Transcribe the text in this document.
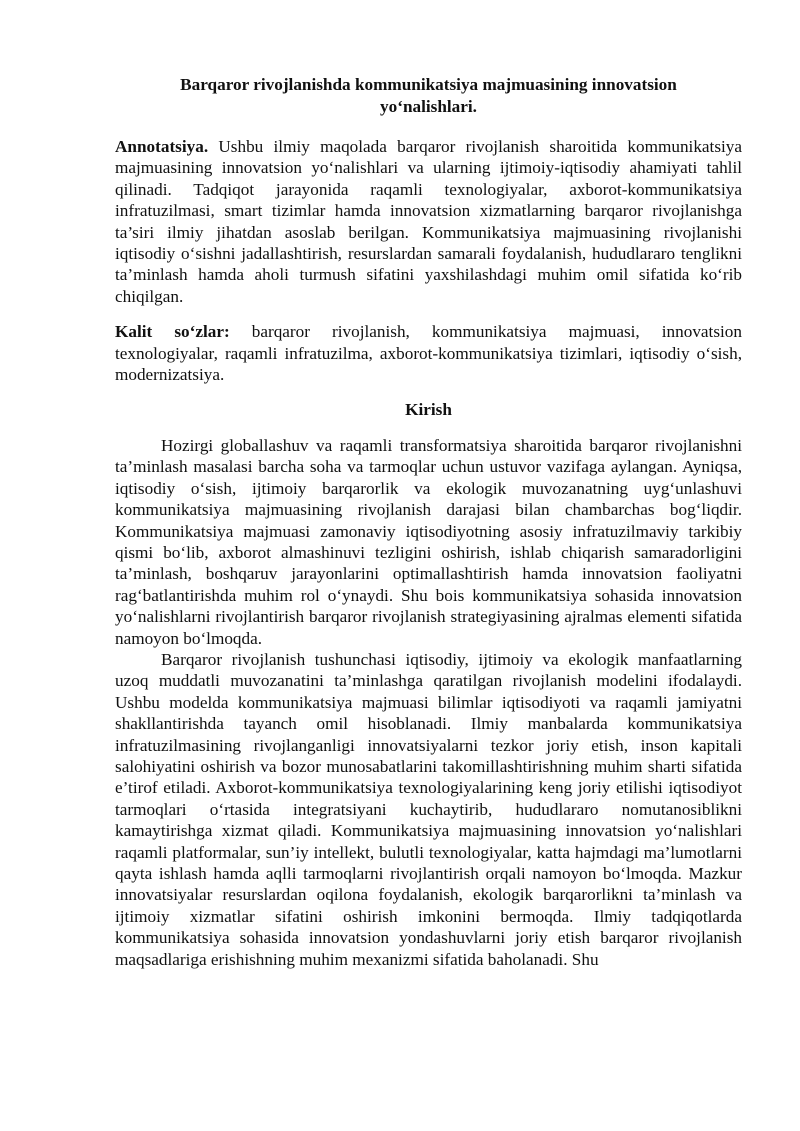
Barqaror rivojlanishda kommunikatsiya majmuasining innovatsion
yo‘nalishlari.

Annotatsiya. Ushbu ilmiy maqolada barqaror rivojlanish sharoitida kommunikatsiya majmuasining innovatsion yo‘nalishlari va ularning ijtimoiy-iqtisodiy ahamiyati tahlil qilinadi. Tadqiqot jarayonida raqamli texnologiyalar, axborot-kommunikatsiya infratuzilmasi, smart tizimlar hamda innovatsion xizmatlarning barqaror rivojlanishga ta’siri ilmiy jihatdan asoslab berilgan. Kommunikatsiya majmuasining rivojlanishi iqtisodiy o‘sishni jadallashtirish, resurslardan samarali foydalanish, hududlararo tenglikni ta’minlash hamda aholi turmush sifatini yaxshilashdagi muhim omil sifatida ko‘rib chiqilgan.

Kalit so‘zlar: barqaror rivojlanish, kommunikatsiya majmuasi, innovatsion texnologiyalar, raqamli infratuzilma, axborot-kommunikatsiya tizimlari, iqtisodiy o‘sish, modernizatsiya.

Kirish

Hozirgi globallashuv va raqamli transformatsiya sharoitida barqaror rivojlanishni ta’minlash masalasi barcha soha va tarmoqlar uchun ustuvor vazifaga aylangan. Ayniqsa, iqtisodiy o‘sish, ijtimoiy barqarorlik va ekologik muvozanatning uyg‘unlashuvi kommunikatsiya majmuasining rivojlanish darajasi bilan chambarchas bog‘liqdir. Kommunikatsiya majmuasi zamonaviy iqtisodiyotning asosiy infratuzilmaviy tarkibiy qismi bo‘lib, axborot almashinuvi tezligini oshirish, ishlab chiqarish samaradorligini ta’minlash, boshqaruv jarayonlarini optimallashtirish hamda innovatsion faoliyatni rag‘batlantirishda muhim rol o‘ynaydi. Shu bois kommunikatsiya sohasida innovatsion yo‘nalishlarni rivojlantirish barqaror rivojlanish strategiyasining ajralmas elementi sifatida namoyon bo‘lmoqda.

Barqaror rivojlanish tushunchasi iqtisodiy, ijtimoiy va ekologik manfaatlarning uzoq muddatli muvozanatini ta’minlashga qaratilgan rivojlanish modelini ifodalaydi. Ushbu modelda kommunikatsiya majmuasi bilimlar iqtisodiyoti va raqamli jamiyatni shakllantirishda tayanch omil hisoblanadi. Ilmiy manbalarda kommunikatsiya infratuzilmasining rivojlanganligi innovatsiyalarni tezkor joriy etish, inson kapitali salohiyatini oshirish va bozor munosabatlarini takomillashtirishning muhim sharti sifatida e’tirof etiladi. Axborot-kommunikatsiya texnologiyalarining keng joriy etilishi iqtisodiyot tarmoqlari o‘rtasida integratsiyani kuchaytirib, hududlararo nomutanosiblikni kamaytirishga xizmat qiladi. Kommunikatsiya majmuasining innovatsion yo‘nalishlari raqamli platformalar, sun’iy intellekt, bulutli texnologiyalar, katta hajmdagi ma’lumotlarni qayta ishlash hamda aqlli tarmoqlarni rivojlantirish orqali namoyon bo‘lmoqda. Mazkur innovatsiyalar resurslardan oqilona foydalanish, ekologik barqarorlikni ta’minlash va ijtimoiy xizmatlar sifatini oshirish imkonini bermoqda. Ilmiy tadqiqotlarda kommunikatsiya sohasida innovatsion yondashuvlarni joriy etish barqaror rivojlanish maqsadlariga erishishning muhim mexanizmi sifatida baholanadi. Shu
